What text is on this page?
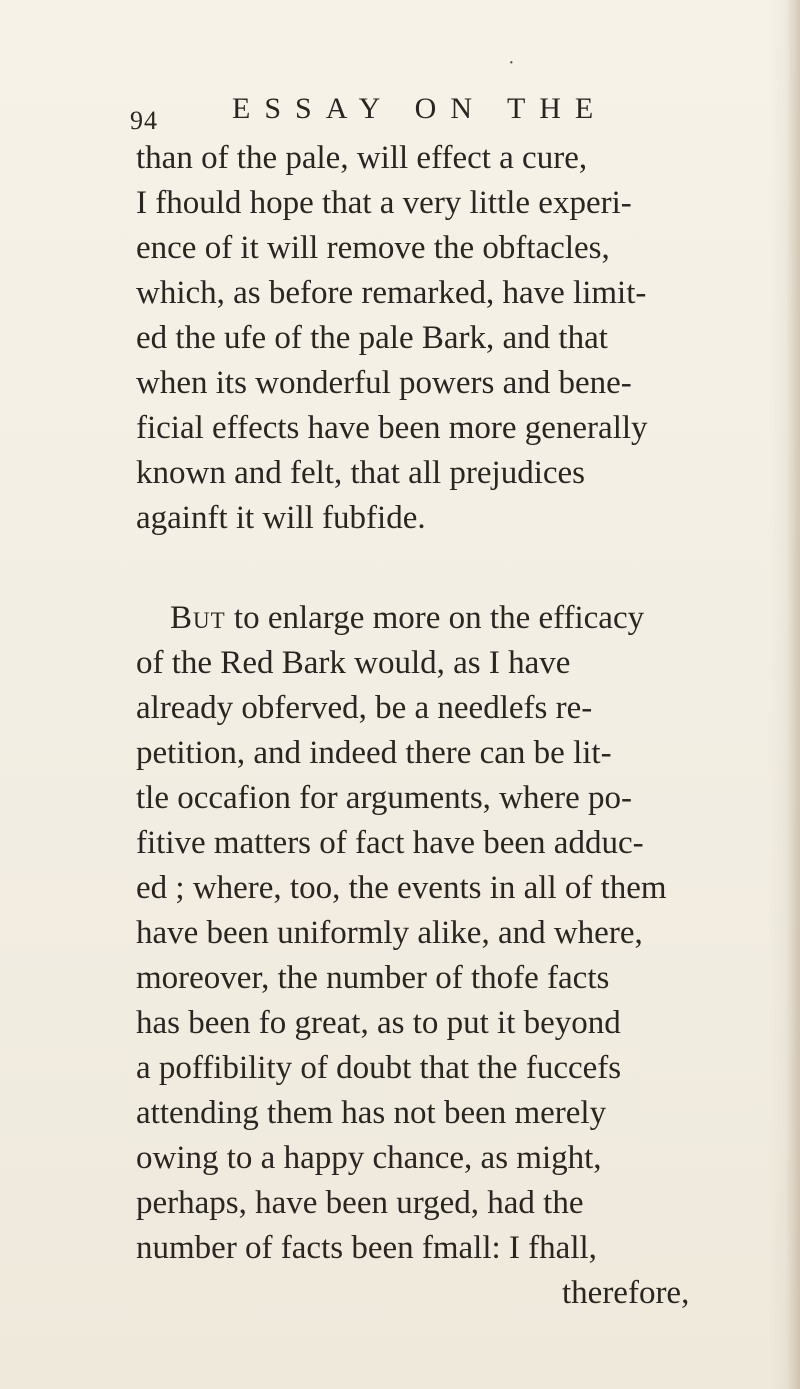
·
94 ESSAY ON THE
than of the pale, will effect a cure,
I fhould hope that a very little experi-
ence of it will remove the obftacles,
which, as before remarked, have limit-
ed the ufe of the pale Bark, and that
when its wonderful powers and bene-
ficial effects have been more generally
known and felt, that all prejudices
againft it will fubfide.
But to enlarge more on the efficacy
of the Red Bark would, as I have
already obferved, be a needlefs re-
petition, and indeed there can be lit-
tle occafion for arguments, where po-
fitive matters of fact have been adduc-
ed ; where, too, the events in all of them
have been uniformly alike, and where,
moreover, the number of thofe facts
has been fo great, as to put it beyond
a poffibility of doubt that the fuccefs
attending them has not been merely
owing to a happy chance, as might,
perhaps, have been urged, had the
number of facts been fmall: I fhall,
therefore,
